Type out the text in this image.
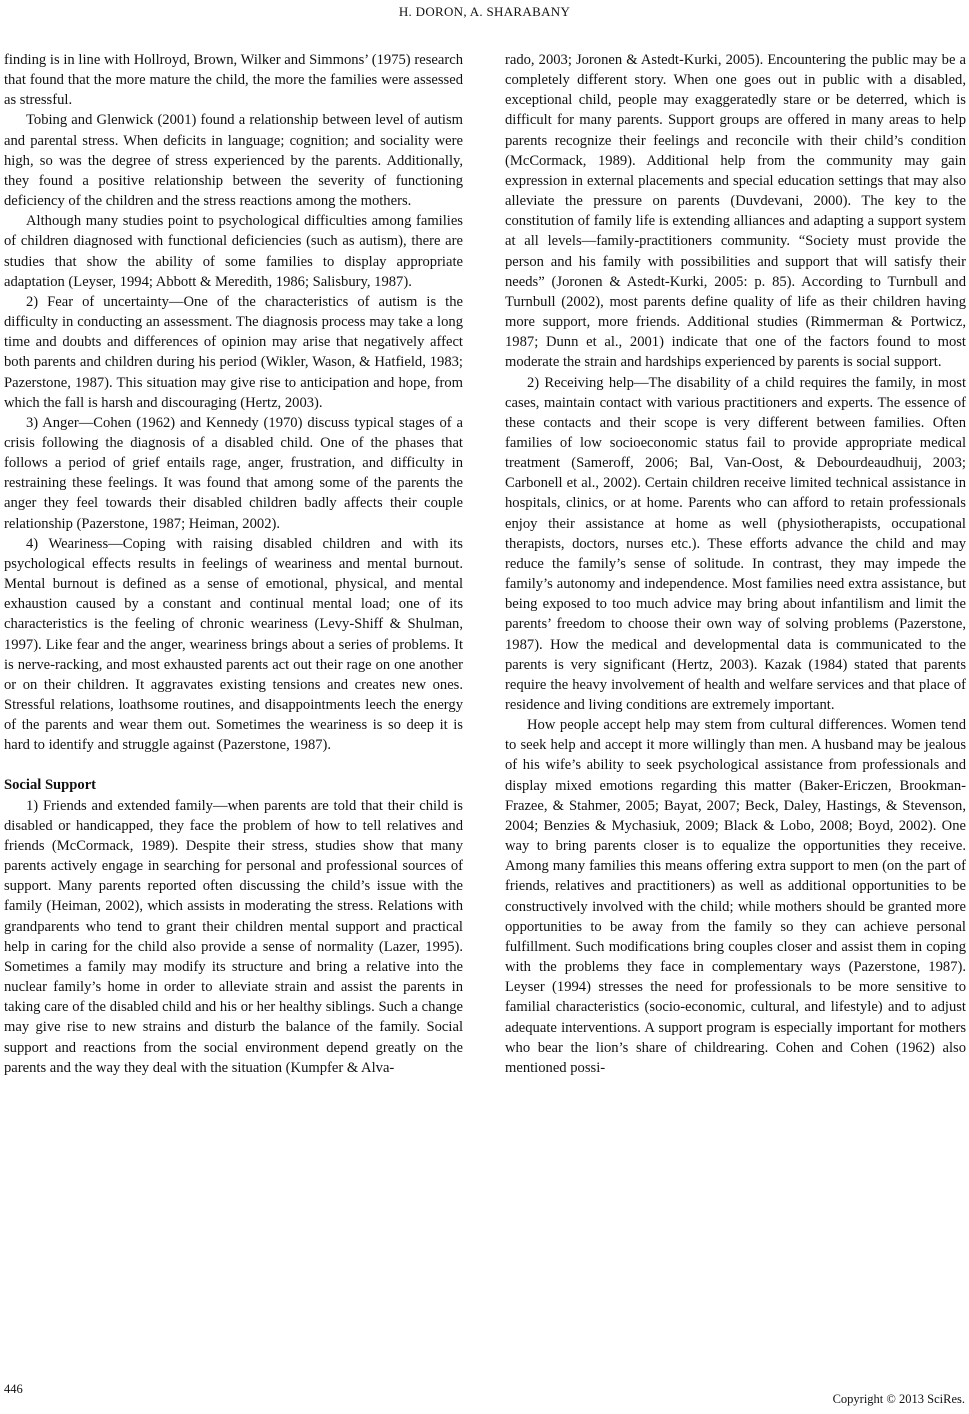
H. DORON, A. SHARABANY

finding is in line with Hollroyd, Brown, Wilker and Simmons’ (1975) research that found that the more mature the child, the more the families were assessed as stressful.

Tobing and Glenwick (2001) found a relationship between level of autism and parental stress. When deficits in language; cognition; and sociality were high, so was the degree of stress experienced by the parents. Additionally, they found a positive relationship between the severity of functioning deficiency of the children and the stress reactions among the mothers.

Although many studies point to psychological difficulties among families of children diagnosed with functional deficiencies (such as autism), there are studies that show the ability of some families to display appropriate adaptation (Leyser, 1994; Abbott & Meredith, 1986; Salisbury, 1987).

2) Fear of uncertainty—One of the characteristics of autism is the difficulty in conducting an assessment. The diagnosis process may take a long time and doubts and differences of opinion may arise that negatively affect both parents and children during his period (Wikler, Wason, & Hatfield, 1983; Pazerstone, 1987). This situation may give rise to anticipation and hope, from which the fall is harsh and discouraging (Hertz, 2003).

3) Anger—Cohen (1962) and Kennedy (1970) discuss typical stages of a crisis following the diagnosis of a disabled child. One of the phases that follows a period of grief entails rage, anger, frustration, and difficulty in restraining these feelings. It was found that among some of the parents the anger they feel towards their disabled children badly affects their couple relationship (Pazerstone, 1987; Heiman, 2002).

4) Weariness—Coping with raising disabled children and with its psychological effects results in feelings of weariness and mental burnout. Mental burnout is defined as a sense of emotional, physical, and mental exhaustion caused by a constant and continual mental load; one of its characteristics is the feeling of chronic weariness (Levy-Shiff & Shulman, 1997). Like fear and the anger, weariness brings about a series of problems. It is nerve-racking, and most exhausted parents act out their rage on one another or on their children. It aggravates existing tensions and creates new ones. Stressful relations, loathsome routines, and disappointments leech the energy of the parents and wear them out. Sometimes the weariness is so deep it is hard to identify and struggle against (Pazerstone, 1987).

Social Support

1) Friends and extended family—when parents are told that their child is disabled or handicapped, they face the problem of how to tell relatives and friends (McCormack, 1989). Despite their stress, studies show that many parents actively engage in searching for personal and professional sources of support. Many parents reported often discussing the child’s issue with the family (Heiman, 2002), which assists in moderating the stress. Relations with grandparents who tend to grant their children mental support and practical help in caring for the child also provide a sense of normality (Lazer, 1995). Sometimes a family may modify its structure and bring a relative into the nuclear family’s home in order to alleviate strain and assist the parents in taking care of the disabled child and his or her healthy siblings. Such a change may give rise to new strains and disturb the balance of the family. Social support and reactions from the social environment depend greatly on the parents and the way they deal with the situation (Kumpfer & Alva-

rado, 2003; Joronen & Astedt-Kurki, 2005). Encountering the public may be a completely different story. When one goes out in public with a disabled, exceptional child, people may exaggeratedly stare or be deterred, which is difficult for many parents. Support groups are offered in many areas to help parents recognize their feelings and reconcile with their child’s condition (McCormack, 1989). Additional help from the community may gain expression in external placements and special education settings that may also alleviate the pressure on parents (Duvdevani, 2000). The key to the constitution of family life is extending alliances and adapting a support system at all levels—family-practitioners community. “Society must provide the person and his family with possibilities and support that will satisfy their needs” (Joronen & Astedt-Kurki, 2005: p. 85). According to Turnbull and Turnbull (2002), most parents define quality of life as their children having more support, more friends. Additional studies (Rimmerman & Portwicz, 1987; Dunn et al., 2001) indicate that one of the factors found to most moderate the strain and hardships experienced by parents is social support.

2) Receiving help—The disability of a child requires the family, in most cases, maintain contact with various practitioners and experts. The essence of these contacts and their scope is very different between families. Often families of low socioeconomic status fail to provide appropriate medical treatment (Sameroff, 2006; Bal, Van-Oost, & Debourdeaudhuij, 2003; Carbonell et al., 2002). Certain children receive limited technical assistance in hospitals, clinics, or at home. Parents who can afford to retain professionals enjoy their assistance at home as well (physiotherapists, occupational therapists, doctors, nurses etc.). These efforts advance the child and may reduce the family’s sense of solitude. In contrast, they may impede the family’s autonomy and independence. Most families need extra assistance, but being exposed to too much advice may bring about infantilism and limit the parents’ freedom to choose their own way of solving problems (Pazerstone, 1987). How the medical and developmental data is communicated to the parents is very significant (Hertz, 2003). Kazak (1984) stated that parents require the heavy involvement of health and welfare services and that place of residence and living conditions are extremely important.

How people accept help may stem from cultural differences. Women tend to seek help and accept it more willingly than men. A husband may be jealous of his wife’s ability to seek psychological assistance from professionals and display mixed emotions regarding this matter (Baker-Ericzen, Brookman-Frazee, & Stahmer, 2005; Bayat, 2007; Beck, Daley, Hastings, & Stevenson, 2004; Benzies & Mychasiuk, 2009; Black & Lobo, 2008; Boyd, 2002). One way to bring parents closer is to equalize the opportunities they receive. Among many families this means offering extra support to men (on the part of friends, relatives and practitioners) as well as additional opportunities to be constructively involved with the child; while mothers should be granted more opportunities to be away from the family so they can achieve personal fulfillment. Such modifications bring couples closer and assist them in coping with the problems they face in complementary ways (Pazerstone, 1987). Leyser (1994) stresses the need for professionals to be more sensitive to familial characteristics (socio-economic, cultural, and lifestyle) and to adjust adequate interventions. A support program is especially important for mothers who bear the lion’s share of childrearing. Cohen and Cohen (1962) also mentioned possi-

446
Copyright © 2013 SciRes.
